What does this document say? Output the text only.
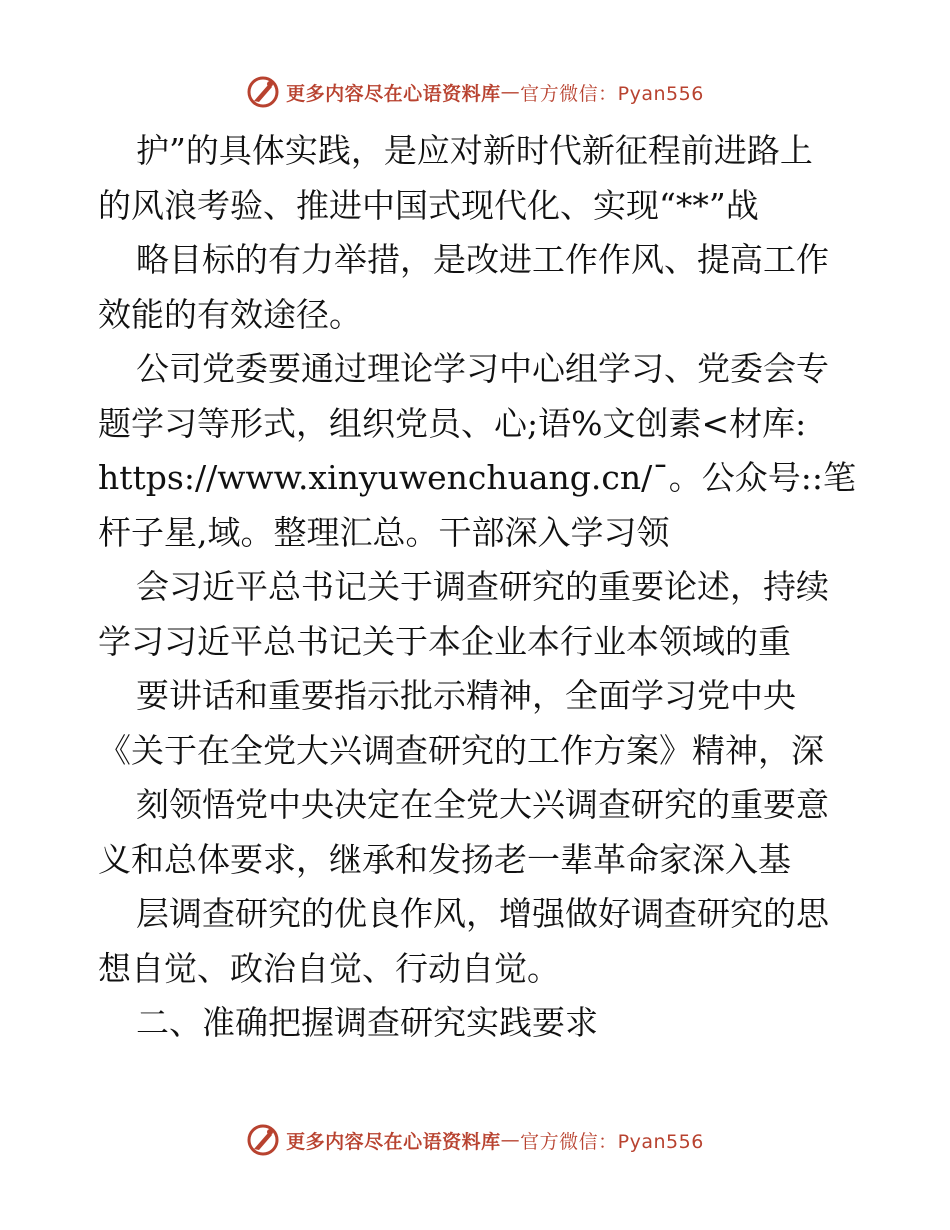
更多内容尽在心语资料库 — 官方微信：Pyan556
护”的具体实践，是应对新时代新征程前进路上
的风浪考验、推进中国式现代化、实现“**”战
略目标的有力举措，是改进工作作风、提高工作
效能的有效途径。
公司党委要通过理论学习中心组学习、党委会专
题学习等形式，组织党员、心;语%文创素<材库:
https://www.xinyuwenchuang.cn/¯。公众号::笔
杆子星,域。整理汇总。干部深入学习领
会习近平总书记关于调查研究的重要论述，持续
学习习近平总书记关于本企业本行业本领域的重
要讲话和重要指示批示精神，全面学习党中央
《关于在全党大兴调查研究的工作方案》精神，深
刻领悟党中央决定在全党大兴调查研究的重要意
义和总体要求，继承和发扬老一辈革命家深入基
层调查研究的优良作风，增强做好调查研究的思
想自觉、政治自觉、行动自觉。
二、准确把握调查研究实践要求
更多内容尽在心语资料库 — 官方微信：Pyan556
